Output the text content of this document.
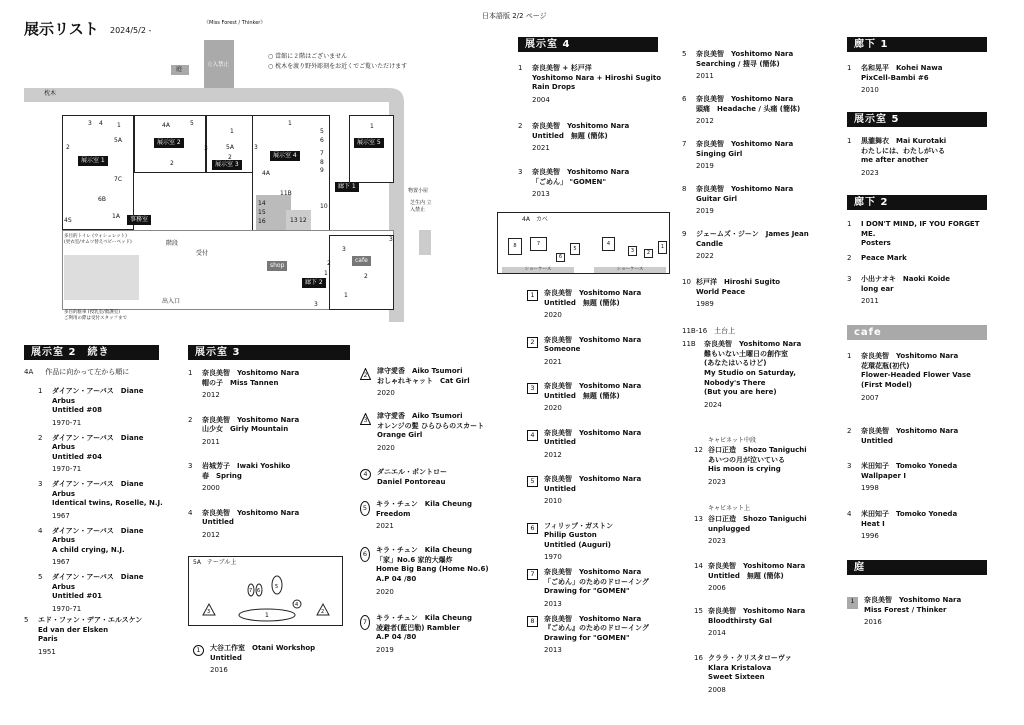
展示リスト 2024/5/2 -
日本語版 2/2 ページ
《Miss Forest / Thinker》
立入禁止
庭
○ 當館に２階はございません
○ 枕木を渡り野外彫刻をお近くでご覧いただけます
枕木
展示室 1
展示室 2
展示室 3
展示室 4
展示室 5
廊下 1
廊下 2
cafe
shop
事務室
受付
階段
出入口
物置小屋
芝生内 立入禁止
多目的トイレ (ウォシュレット)
(更衣室/オムツ替えベビーベッド)
多目的駐車 (授乳室/救護室)
ご利用の際は受付スタッフまで
3 4
5A
1
2
7C
6B
1A
4S
4A	5
2
1
3	5A
2
3
1
5
6
7
8
9
4A
11B
14
15
16	13 12
10
1
3
2
1	2
3
1
3
展示室 2　続き
4A 作品に向かって左から順に
展示室 3
5A　テーブル上
1
3	2
5
4
7 6
展示室 4
4A　カベ
8	7
6
5
4
3	2
1
ショーケース	ショーケース
11B-16　土台上
キャビネット中段
キャビネット上
廊下 1
展示室 5
廊下 2
cafe
庭
1	ダイアン・アーバス　Diane Arbus
Untitled #08
1970-71
2	ダイアン・アーバス　Diane Arbus
Untitled #04
1970-71
3	ダイアン・アーバス　Diane Arbus
Identical twins, Roselle, N.J.
1967
4	ダイアン・アーバス　Diane Arbus
A child crying, N.J.
1967
5	ダイアン・アーバス　Diane Arbus
Untitled #01
1970-71
5	エド・ファン・デア・エルスケン
Ed van der Elsken
Paris
1951
1	奈良美智　Yoshitomo Nara
帽の子　Miss Tannen
2012
2	奈良美智　Yoshitomo Nara
山少女　Girly Mountain
2011
3	岩城芳子　Iwaki Yoshiko
春　Spring
2000
4	奈良美智　Yoshitomo Nara
Untitled
2012
1	大谷工作室　Otani Workshop
Untitled
2016
2
津守愛香　Aiko Tsumori
おしゃれキャット　Cat Girl
2020
3
津守愛香　Aiko Tsumori
オレンジの髪 ひらひらのスカート
Orange Girl
2020
4	ダニエル・ポントロー
Daniel Pontoreau
5	キラ・チュン　Kila Cheung
Freedom
2021
6	キラ・チュン　Kila Cheung
「家」No.6 家的大爆炸
Home Big Bang (Home No.6)
A.P 04 /80
2020
7	キラ・チュン　Kila Cheung
凌避者(藍巴勒) Rambler
A.P 04 /80
2019
1	奈良美智 + 杉戸洋
Yoshitomo Nara + Hiroshi Sugito
Rain Drops
2004
2	奈良美智　Yoshitomo Nara
Untitled　無題 (簡体)
2021
3	奈良美智　Yoshitomo Nara
「ごめん」 "GOMEN"
2013
1	奈良美智　Yoshitomo Nara
Untitled　無題 (簡体)
2020
2	奈良美智　Yoshitomo Nara
Someone
2021
3	奈良美智　Yoshitomo Nara
Untitled　無題 (簡体)
2020
4	奈良美智　Yoshitomo Nara
Untitled
2012
5	奈良美智　Yoshitomo Nara
Untitled
2010
6	フィリップ・ガストン
Philip Guston
Untitled (Auguri)
1970
7	奈良美智　Yoshitomo Nara
「ごめん」のためのドローイング
Drawing for "GOMEN"
2013
8	奈良美智　Yoshitomo Nara
『ごめん』のためのドローイング
Drawing for "GOMEN"
2013
5	奈良美智　Yoshitomo Nara
Searching / 搜寻 (簡体)
2011
6	奈良美智　Yoshitomo Nara
頭痛　Headache / 头痛 (簡体)
2012
7	奈良美智　Yoshitomo Nara
Singing Girl
2019
8	奈良美智　Yoshitomo Nara
Guitar Girl
2019
9	ジェームズ・ジーン　James Jean
Candle
2022
10 杉戸洋　Hiroshi Sugito
World Peace
1989
11B	奈良美智　Yoshitomo Nara
難もいない土曜日の創作室
(あなたはいるけど)
My Studio on Saturday,
Nobody's There
(But you are here)
2024
12 谷口正造　Shozo Taniguchi
あいつの月が泣いている
His moon is crying
2023
13 谷口正造　Shozo Taniguchi
unplugged
2023
14 奈良美智　Yoshitomo Nara
Untitled　無題 (簡体)
2006
15 奈良美智　Yoshitomo Nara
Bloodthirsty Gal
2014
16 クララ・クリスタローヴァ
Klara Kristalova
Sweet Sixteen
2008
1	名和晃平　Kohei Nawa
PixCell-Bambi #6
2010
1	黒瀧舞衣　Mai Kurotaki
わたしには、わたしがいる
me after another
2023
1	I DON'T MIND, IF YOU FORGET ME.
Posters
2	Peace Mark
3	小出ナオキ　Naoki Koide
long ear
2011
1	奈良美智　Yoshitomo Nara
花環花瓶(初代)
Flower-Headed Flower Vase
(First Model)
2007
2	奈良美智　Yoshitomo Nara
Untitled
3	米田知子　Tomoko Yoneda
Wallpaper I
1998
4	米田知子　Tomoko Yoneda
Heat I
1996
1	奈良美智　Yoshitomo Nara
Miss Forest / Thinker
2016
